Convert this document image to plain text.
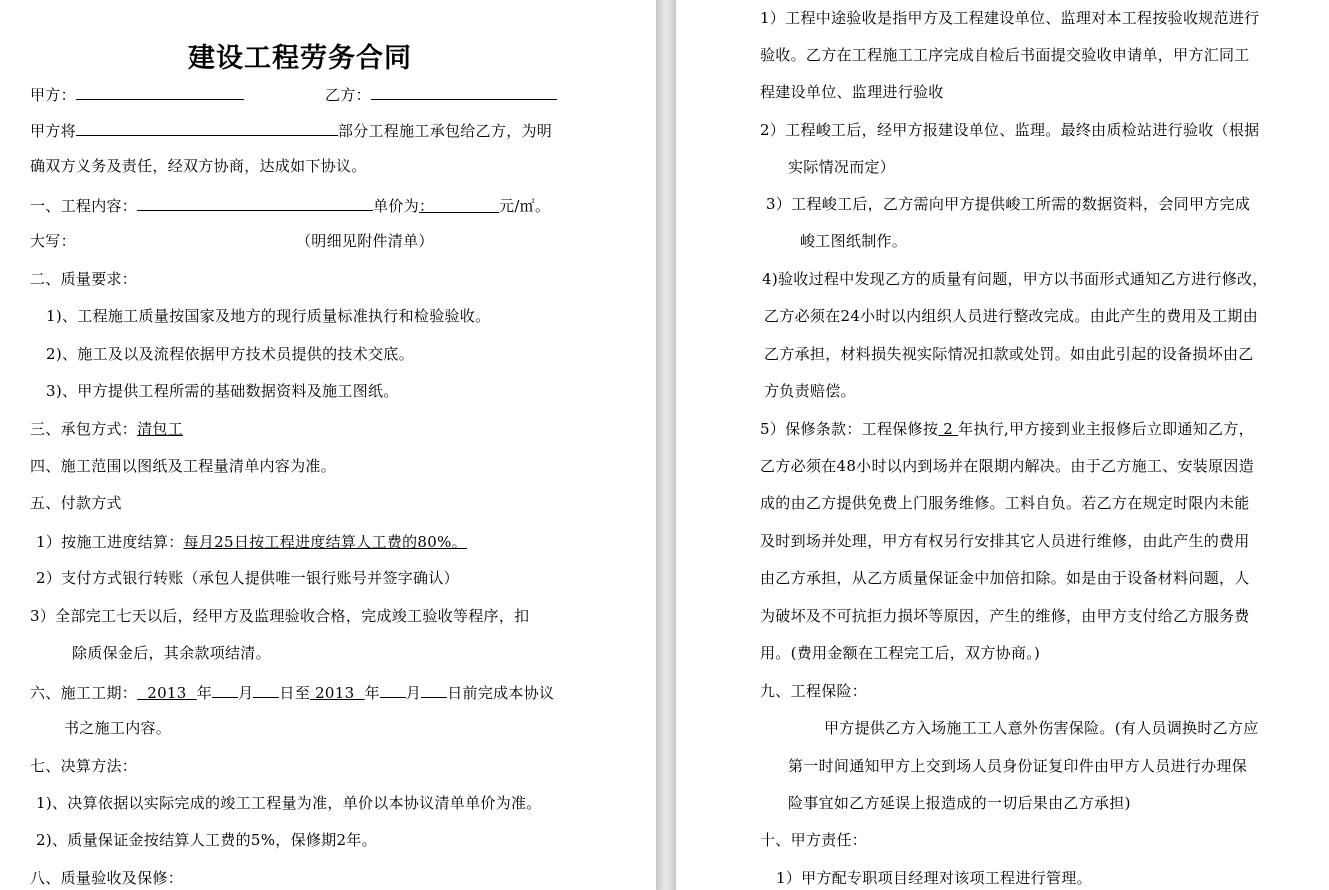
建设工程劳务合同
甲方：	乙方：
甲方将	部分工程施工承包给乙方，为明
确双方义务及责任，经双方协商，达成如下协议。
一、工程内容：	单价为：	元/㎡。
大写：	（明细见附件清单）
二、质量要求：
1)、工程施工质量按国家及地方的现行质量标准执行和检验验收。
2)、施工及以及流程依据甲方技术员提供的技术交底。
3)、甲方提供工程所需的基础数据资料及施工图纸。
三、承包方式：清包工
四、施工范围以图纸及工程量清单内容为准。
五、付款方式
1）按施工进度结算：每月25日按工程进度结算人工费的80%。
2）支付方式银行转账（承包人提供唯一银行账号并签字确认）
3）全部完工七天以后，经甲方及监理验收合格，完成竣工验收等程序，扣
除质保金后，其余款项结清。
六、施工工期： 2013 年 月 日至 2013 年 月 日前完成本协议
书之施工内容。
七、决算方法：
1)、决算依据以实际完成的竣工工程量为准，单价以本协议清单单价为准。
2)、质量保证金按结算人工费的5%，保修期2年。
八、质量验收及保修：
1）工程中途验收是指甲方及工程建设单位、监理对本工程按验收规范进行
验收。乙方在工程施工工序完成自检后书面提交验收申请单，甲方汇同工
程建设单位、监理进行验收
2）工程峻工后，经甲方报建设单位、监理。最终由质检站进行验收（根据
实际情况而定）
3）工程峻工后，乙方需向甲方提供峻工所需的数据资料，会同甲方完成
峻工图纸制作。
4)验收过程中发现乙方的质量有问题，甲方以书面形式通知乙方进行修改，
乙方必须在24小时以内组织人员进行整改完成。由此产生的费用及工期由
乙方承担，材料损失视实际情况扣款或处罚。如由此引起的设备损坏由乙
方负责赔偿。
5）保修条款：工程保修按 2 年执行,甲方接到业主报修后立即通知乙方，
乙方必须在48小时以内到场并在限期内解决。由于乙方施工、安装原因造
成的由乙方提供免费上门服务维修。工料自负。若乙方在规定时限内未能
及时到场并处理，甲方有权另行安排其它人员进行维修，由此产生的费用
由乙方承担，从乙方质量保证金中加倍扣除。如是由于设备材料问题，人
为破坏及不可抗拒力损坏等原因，产生的维修，由甲方支付给乙方服务费
用。(费用金额在工程完工后，双方协商。)
九、工程保险：
甲方提供乙方入场施工工人意外伤害保险。(有人员调换时乙方应
第一时间通知甲方上交到场人员身份证复印件由甲方人员进行办理保
险事宜如乙方延误上报造成的一切后果由乙方承担)
十、甲方责任：
1）甲方配专职项目经理对该项工程进行管理。
